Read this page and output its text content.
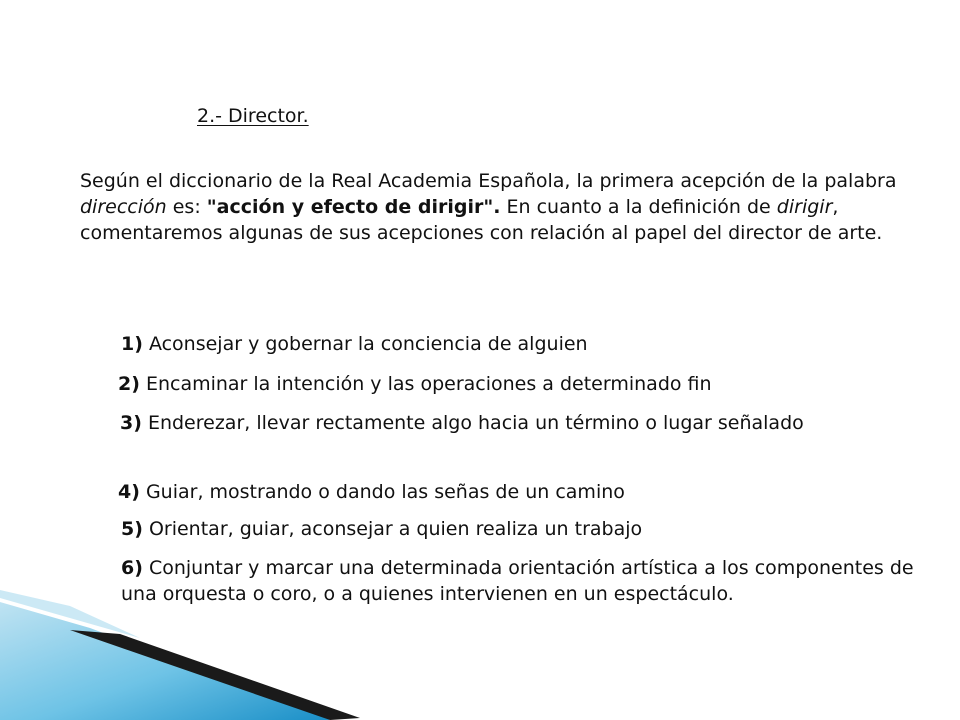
2.- Director.

Según el diccionario de la Real Academia Española, la primera acepción de la palabra dirección es: "acción y efecto de dirigir". En cuanto a la definición de dirigir, comentaremos algunas de sus acepciones con relación al papel del director de arte.

1) Aconsejar y gobernar la conciencia de alguien

2) Encaminar la intención y las operaciones a determinado fin

3) Enderezar, llevar rectamente algo hacia un término o lugar señalado

4) Guiar, mostrando o dando las señas de un camino

5) Orientar, guiar, aconsejar a quien realiza un trabajo

6) Conjuntar y marcar una determinada orientación artística a los componentes de una orquesta o coro, o a quienes intervienen en un espectáculo.
